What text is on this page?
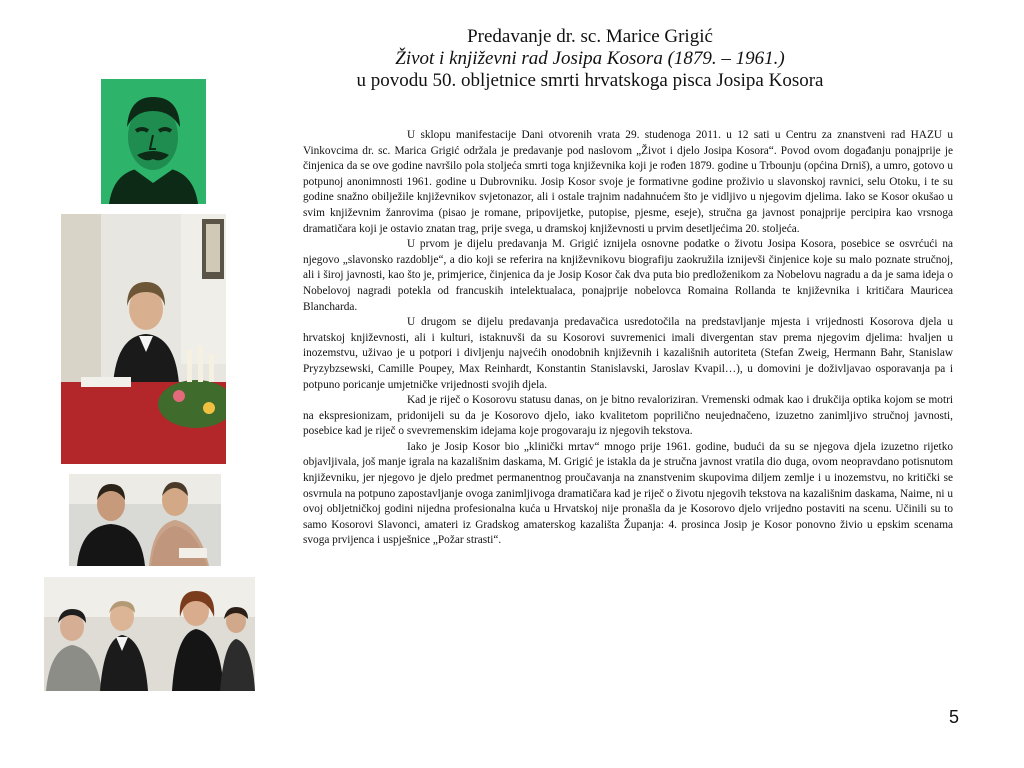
Predavanje dr. sc. Marice Grigić
Život i književni rad Josipa Kosora (1879. – 1961.)
u povodu 50. obljetnice smrti hrvatskoga pisca Josipa Kosora

U sklopu manifestacije Dani otvorenih vrata 29. studenoga 2011. u 12 sati u Centru za znanstveni rad HAZU u Vinkovcima dr. sc. Marica Grigić održala je predavanje pod naslovom „Život i djelo Josipa Kosora“. Povod ovom događanju ponajprije je činjenica da se ove godine navršilo pola stoljeća smrti toga književnika koji je rođen 1879. godine u Trbounju (općina Drniš), a umro, gotovo u potpunoj anonimnosti 1961. godine u Dubrovniku. Josip Kosor svoje je formativne godine proživio u slavonskoj ravnici, selu Otoku, i te su godine snažno obilježile književnikov svjetonazor, ali i ostale trajnim nadahnućem što je vidljivo u njegovim djelima. Iako se Kosor okušao u svim književnim žanrovima (pisao je romane, pripovijetke, putopise, pjesme, eseje), stručna ga javnost ponajprije percipira kao vrsnoga dramatičara koji je ostavio znatan trag, prije svega, u dramskoj književnosti u prvim desetljećima 20. stoljeća.

U prvom je dijelu predavanja M. Grigić iznijela osnovne podatke o životu Josipa Kosora, posebice se osvrćući na njegovo „slavonsko razdoblje“, a dio koji se referira na književnikovu biografiju zaokružila iznijevši činjenice koje su malo poznate stručnoj, ali i široj javnosti, kao što je, primjerice, činjenica da je Josip Kosor čak dva puta bio predloženikom za Nobelovu nagradu a da je sama ideja o Nobelovoj nagradi potekla od francuskih intelektualaca, ponajprije nobelovca Romaina Rollanda te književnika i kritičara Mauricea Blancharda.

U drugom se dijelu predavanja predavačica usredotočila na predstavljanje mjesta i vrijednosti Kosorova djela u hrvatskoj književnosti, ali i kulturi, istaknuvši da su Kosorovi suvremenici imali divergentan stav prema njegovim djelima: hvaljen u inozemstvu, uživao je u potpori i divljenju najvećih onodobnih književnih i kazališnih autoriteta (Stefan Zweig, Hermann Bahr, Stanislaw Pryzybzsewski, Camille Poupey, Max Reinhardt, Konstantin Stanislavski, Jaroslav Kvapil…), u domovini je doživljavao osporavanja pa i potpuno poricanje umjetničke vrijednosti svojih djela.

Kad je riječ o Kosorovu statusu danas, on je bitno revaloriziran. Vremenski odmak kao i drukčija optika kojom se motri na ekspresionizam, pridonijeli su da je Kosorovo djelo, iako kvalitetom poprilično neujednačeno, izuzetno zanimljivo stručnoj javnosti, posebice kad je riječ o svevremenskim idejama koje progovaraju iz njegovih tekstova.

Iako je Josip Kosor bio „klinički mrtav“ mnogo prije 1961. godine, budući da su se njegova djela izuzetno rijetko objavljivala, još manje igrala na kazališnim daskama, M. Grigić je istakla da je stručna javnost vratila dio duga, ovom neopravdano potisnutom književniku, jer njegovo je djelo predmet permanentnog proučavanja na znanstvenim skupovima diljem zemlje i u inozemstvu, no kritički se osvrnula na potpuno zapostavljanje ovoga zanimljivoga dramatičara kad je riječ o životu njegovih tekstova na kazališnim daskama, Naime, ni u ovoj obljetničkoj godini nijedna profesionalna kuća u Hrvatskoj nije pronašla da je Kosorovo djelo vrijedno postaviti na scenu. Učinili su to samo Kosorovi Slavonci, amateri iz Gradskog amaterskog kazališta Županja: 4. prosinca Josip je Kosor ponovno živio u epskim scenama svoga prvijenca i uspješnice „Požar strasti“.

5
